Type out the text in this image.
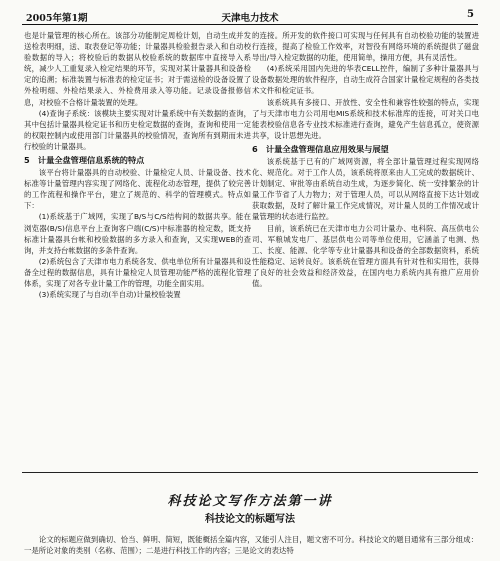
2005年第1期	天津电力技术	5

也是计量管理的核心所在。该部分功能制定周检计划，自动生成并发送检表明细，送、取表登记等功能；计量器具检验报告录入和自动校验数据的导入；将校验后的数据从校验系统的数据库中直接导入系统，减少人工重复录入检定结果的环节，实现对某计量器具和设备检定的追溯；标准装置与标准表的检定证书；对于需送检的设备设置了外检明细、外检结果录入、外检费用录入等功能。记录设备报修信息，对校验不合格计量装置的处理。

(4)查询子系统：该模块主要实现对计量系统中有关数据的查询，其中包括计量器具检定证书和历史检定数据的查询，查询和使用一定的权限控制内或使用部门计量器具的校验情况，查询所有到期而未进行校验的计量器具。

5　计量全盘管理信息系统的特点

该平台将计量器具的自动校验、计量检定人员、计量设备、技术标准等计量管理内容实现了网络化、流程化动态管理，提供了较完善的工作流程和操作平台，建立了规范的、科学的管理模式。特点如下：

(1)系统基于广域网，实现了B/S与C/S结构间的数据共享。能在浏览器(B/S)信息平台上查询客户端(C/S)中标准器的检定数，既支持标准计量器具台帐和校验数据的多方录入和查询，又实现WEB的查询，并支持台帐数据的多条件查询。

(2)系统包含了天津市电力系统各发、供电单位所有计量器具和设备全过程的数据信息，具有计量检定人员管理功能严格的流程化管理体系，实现了对各专业计量工作的管理，功能全面实用。

(3)系统实现了与自动(半自动)计量校验装置

的连接。所开发的软件接口可实现与任何具有自动校验功能的装置进行连接，提高了检验工作效率，对智役有网络环境的系统提供了磁盘导出/导入检定数据的功能，使用简单，操用方便，具有灵活性。

(4)系统采用国内先进的华表CELL控件，编制了多种计量器具与设备数据处理的软件程序，自动生成符合国家计量检定规程的各类技术文件和检定证书。

该系统具有多接口、开放性、安全性和兼容性较强的特点，实现了与天津市电力公司用电MIS系统和技术标准库的连接，可对关口电能表校验信息各专业技术标准进行查询，避免产生信息孤立，使资源共享，设计思想先进。

6　计量全盘管理信息应用效果与展望

该系统基于已有的广域网资源，将全部计量管理过程实现网络化、规范化。对于工作人员，该系统将原来由人工完成的数据统计、计划制定、审批等由系统自动生成，为逐步简化、统一安排繁杂的计量工作节省了人力物力；对于管理人员，可以从网络直接下达计划或获取数据，及时了解计量工作完成情况，对计量人员的工作情况或计量管理的状态进行监控。

目前，该系统已在天津市电力公司计量办、电科院、高压供电公司、军粮城发电厂、基层供电公司等单位使用，它涵盖了电测、热工、长度、能源、化学等专业计量器具和设备的全部数据资料，系统性能稳定、运转良好。该系统在管理方面具有针对性和实用性，获得了良好的社会效益和经济效益，在国内电力系统内具有推广应用价值。

科技论文写作方法第一讲
科技论文的标题写法

论文的标题应做到确切、恰当、鲜明、简短，既能概括全篇内容，又能引人注目，题文密不可分。科技论文的题目通常有三部分组成：一是所论对象的类别（名称、范围）；二是进行科技工作的内容；三是论文的表达特
